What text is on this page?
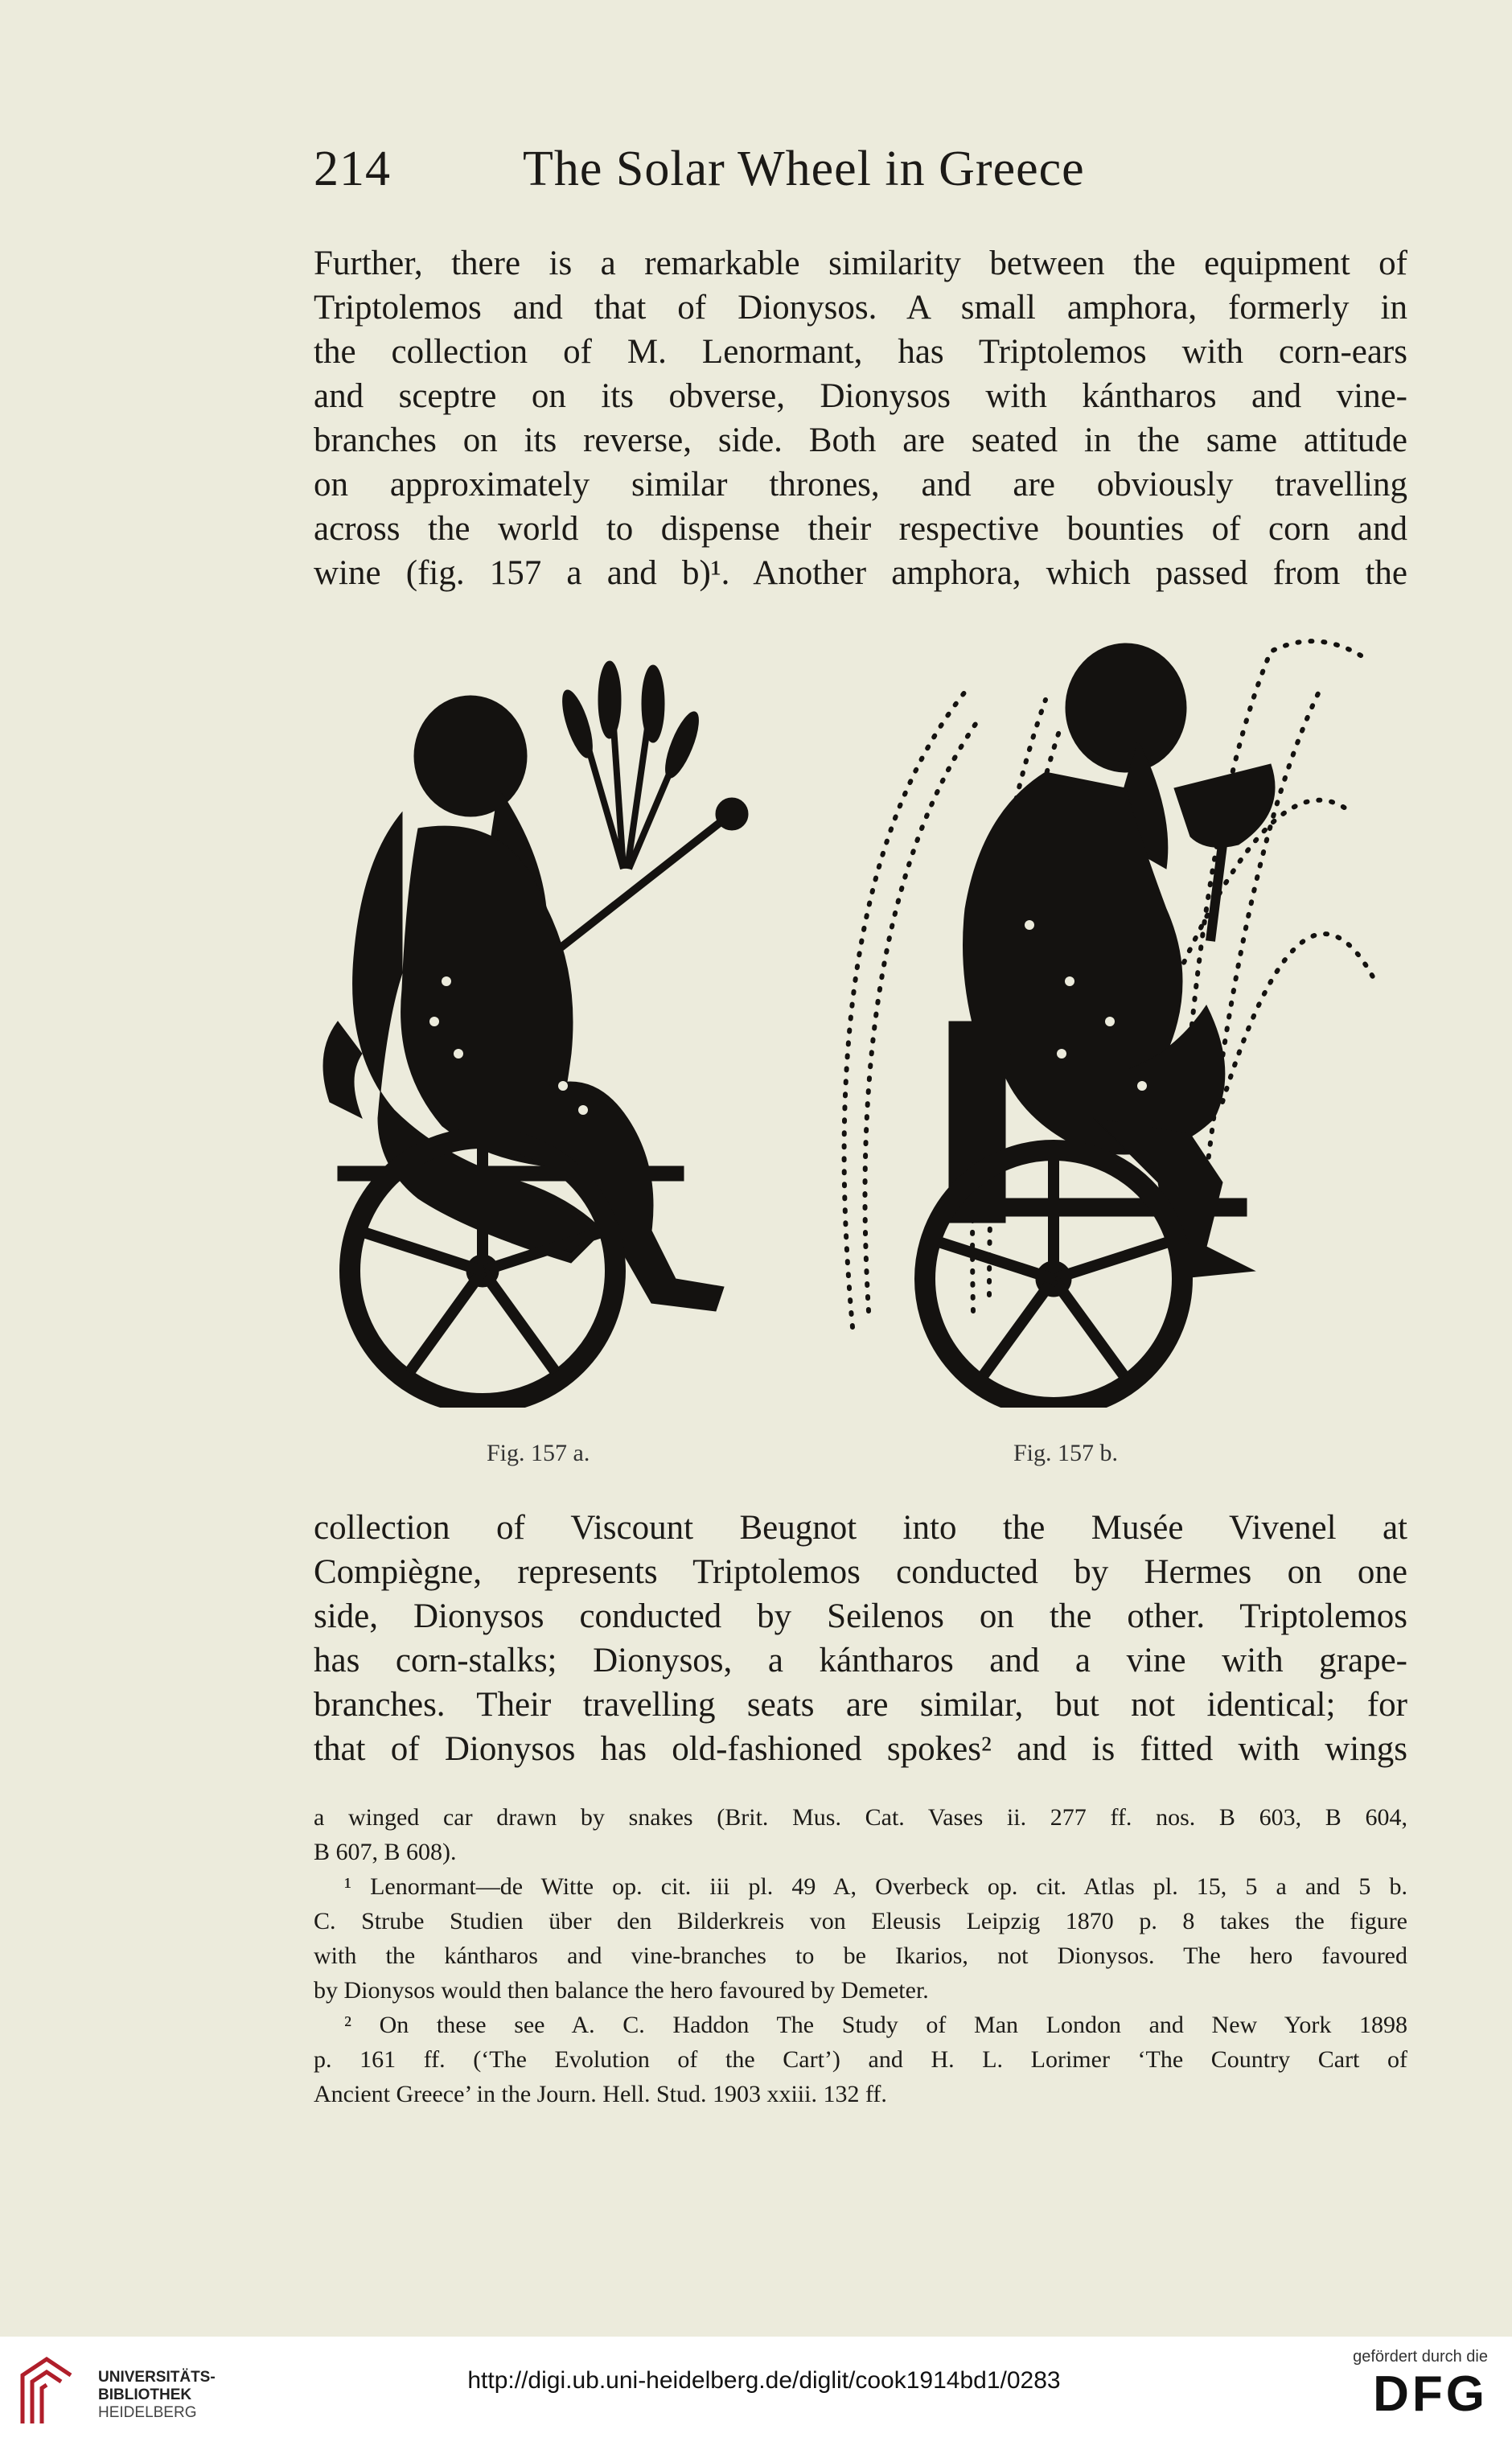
214	The Solar Wheel in Greece
Further, there is a remarkable similarity between the equipment of
Triptolemos and that of Dionysos. A small amphora, formerly in
the collection of M. Lenormant, has Triptolemos with corn-ears
and sceptre on its obverse, Dionysos with kántharos and vine-
branches on its reverse, side. Both are seated in the same attitude
on approximately similar thrones, and are obviously travelling
across the world to dispense their respective bounties of corn and
wine (fig. 157 a and b)¹. Another amphora, which passed from the
Fig. 157 a.	Fig. 157 b.
collection of Viscount Beugnot into the Musée Vivenel at
Compiègne, represents Triptolemos conducted by Hermes on one
side, Dionysos conducted by Seilenos on the other. Triptolemos
has corn-stalks; Dionysos, a kántharos and a vine with grape-
branches. Their travelling seats are similar, but not identical; for
that of Dionysos has old-fashioned spokes² and is fitted with wings
a winged car drawn by snakes (Brit. Mus. Cat. Vases ii. 277 ff. nos. B 603, B 604,
B 607, B 608).
¹ Lenormant—de Witte op. cit. iii pl. 49 A, Overbeck op. cit. Atlas pl. 15, 5 a and 5 b.
C. Strube Studien über den Bilderkreis von Eleusis Leipzig 1870 p. 8 takes the figure
with the kántharos and vine-branches to be Ikarios, not Dionysos. The hero favoured
by Dionysos would then balance the hero favoured by Demeter.
² On these see A. C. Haddon The Study of Man London and New York 1898
p. 161 ff. (‘The Evolution of the Cart’) and H. L. Lorimer ‘The Country Cart of
Ancient Greece’ in the Journ. Hell. Stud. 1903 xxiii. 132 ff.
UNIVERSITÄTS-
BIBLIOTHEK
HEIDELBERG
http://digi.ub.uni-heidelberg.de/diglit/cook1914bd1/0283
gefördert durch die
DFG
